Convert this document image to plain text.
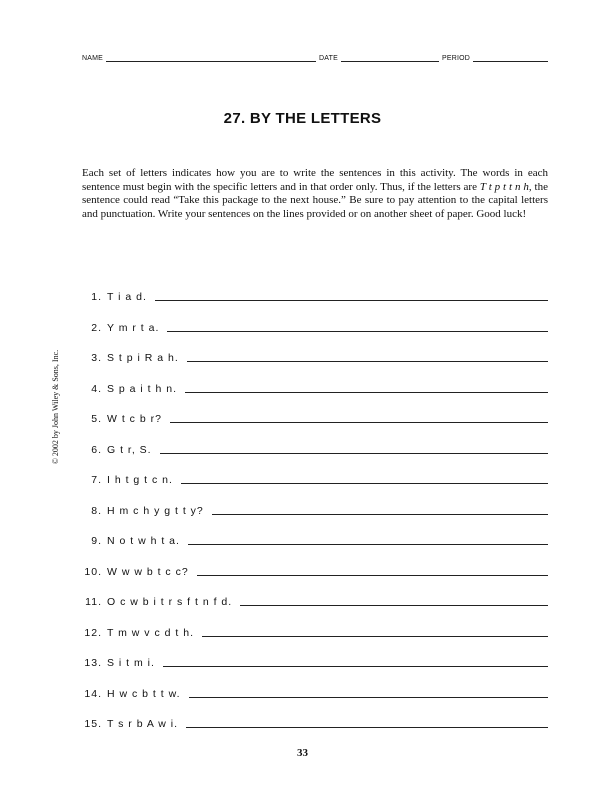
NAME	DATE	PERIOD
27. BY THE LETTERS

Each set of letters indicates how you are to write the sentences in this activity. The words in each sentence must begin with the specific letters and in that order only. Thus, if the letters are T t p t t n h, the sentence could read “Take this package to the next house.” Be sure to pay attention to the capital letters and punctuation. Write your sentences on the lines provided or on another sheet of paper. Good luck!

© 2002 by John Wiley & Sons, Inc.
1. T i a d.
2. Y m r t a.
3. S t p i R a h.
4. S p a i t h n.
5. W t c b r?
6. G t r, S.
7. I h t g t c n.
8. H m c h y g t t y?
9. N o t w h t a.
10. W w w b t c c?
11. O c w b i t r s f t n f d.
12. T m w v c d t h.
13. S i t m i.
14. H w c b t t w.
15. T s r b A w i.
33
